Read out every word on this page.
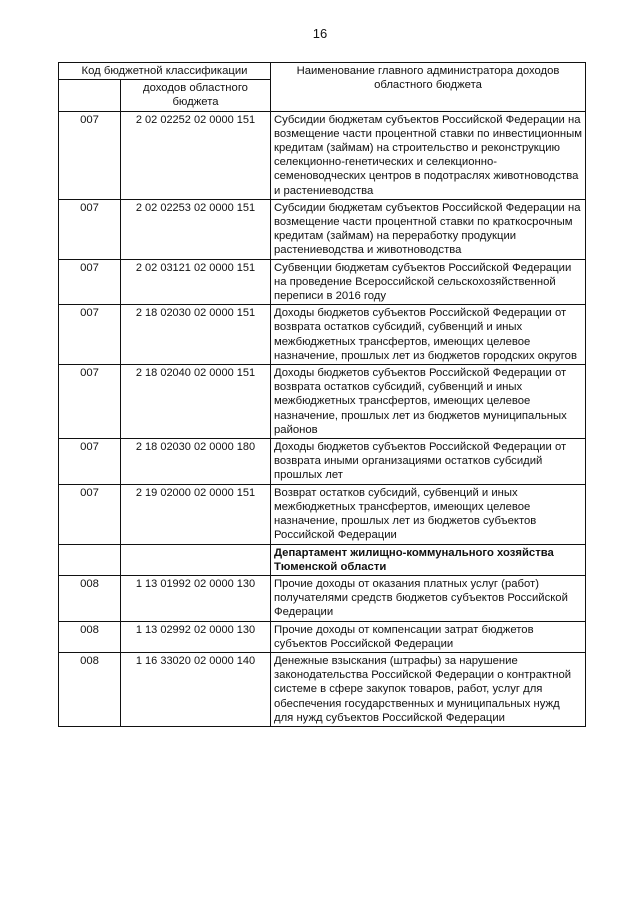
16
Код бюджетной классификации		Наименование главного администратора доходов областного бюджета
	доходов областного бюджета	
007	2 02 02252 02 0000 151	Субсидии бюджетам субъектов Российской Федерации на возмещение части процентной ставки по инвестиционным кредитам (займам) на строительство и реконструкцию селекционно-генетических и селекционно-семеноводческих центров в подотраслях животноводства и растениеводства
007	2 02 02253 02 0000 151	Субсидии бюджетам субъектов Российской Федерации на возмещение части процентной ставки по краткосрочным кредитам (займам) на переработку продукции растениеводства и животноводства
007	2 02 03121 02 0000 151	Субвенции бюджетам субъектов Российской Федерации на проведение Всероссийской сельскохозяйственной переписи в 2016 году
007	2 18 02030 02 0000 151	Доходы бюджетов субъектов Российской Федерации от возврата остатков субсидий, субвенций и иных межбюджетных трансфертов, имеющих целевое назначение, прошлых лет из бюджетов городских округов
007	2 18 02040 02 0000 151	Доходы бюджетов субъектов Российской Федерации от возврата остатков субсидий, субвенций и иных межбюджетных трансфертов, имеющих целевое назначение, прошлых лет из бюджетов муниципальных районов
007	2 18 02030 02 0000 180	Доходы бюджетов субъектов Российской Федерации от возврата иными организациями остатков субсидий прошлых лет
007	2 19 02000 02 0000 151	Возврат остатков субсидий, субвенций и иных межбюджетных трансфертов, имеющих целевое назначение, прошлых лет из бюджетов субъектов Российской Федерации
		Департамент жилищно-коммунального хозяйства Тюменской области
008	1 13 01992 02 0000 130	Прочие доходы от оказания платных услуг (работ) получателями средств бюджетов субъектов Российской Федерации
008	1 13 02992 02 0000 130	Прочие доходы от компенсации затрат бюджетов субъектов Российской Федерации
008	1 16 33020 02 0000 140	Денежные взыскания (штрафы) за нарушение законодательства Российской Федерации о контрактной системе в сфере закупок товаров, работ, услуг для обеспечения государственных и муниципальных нужд для нужд субъектов Российской Федерации
